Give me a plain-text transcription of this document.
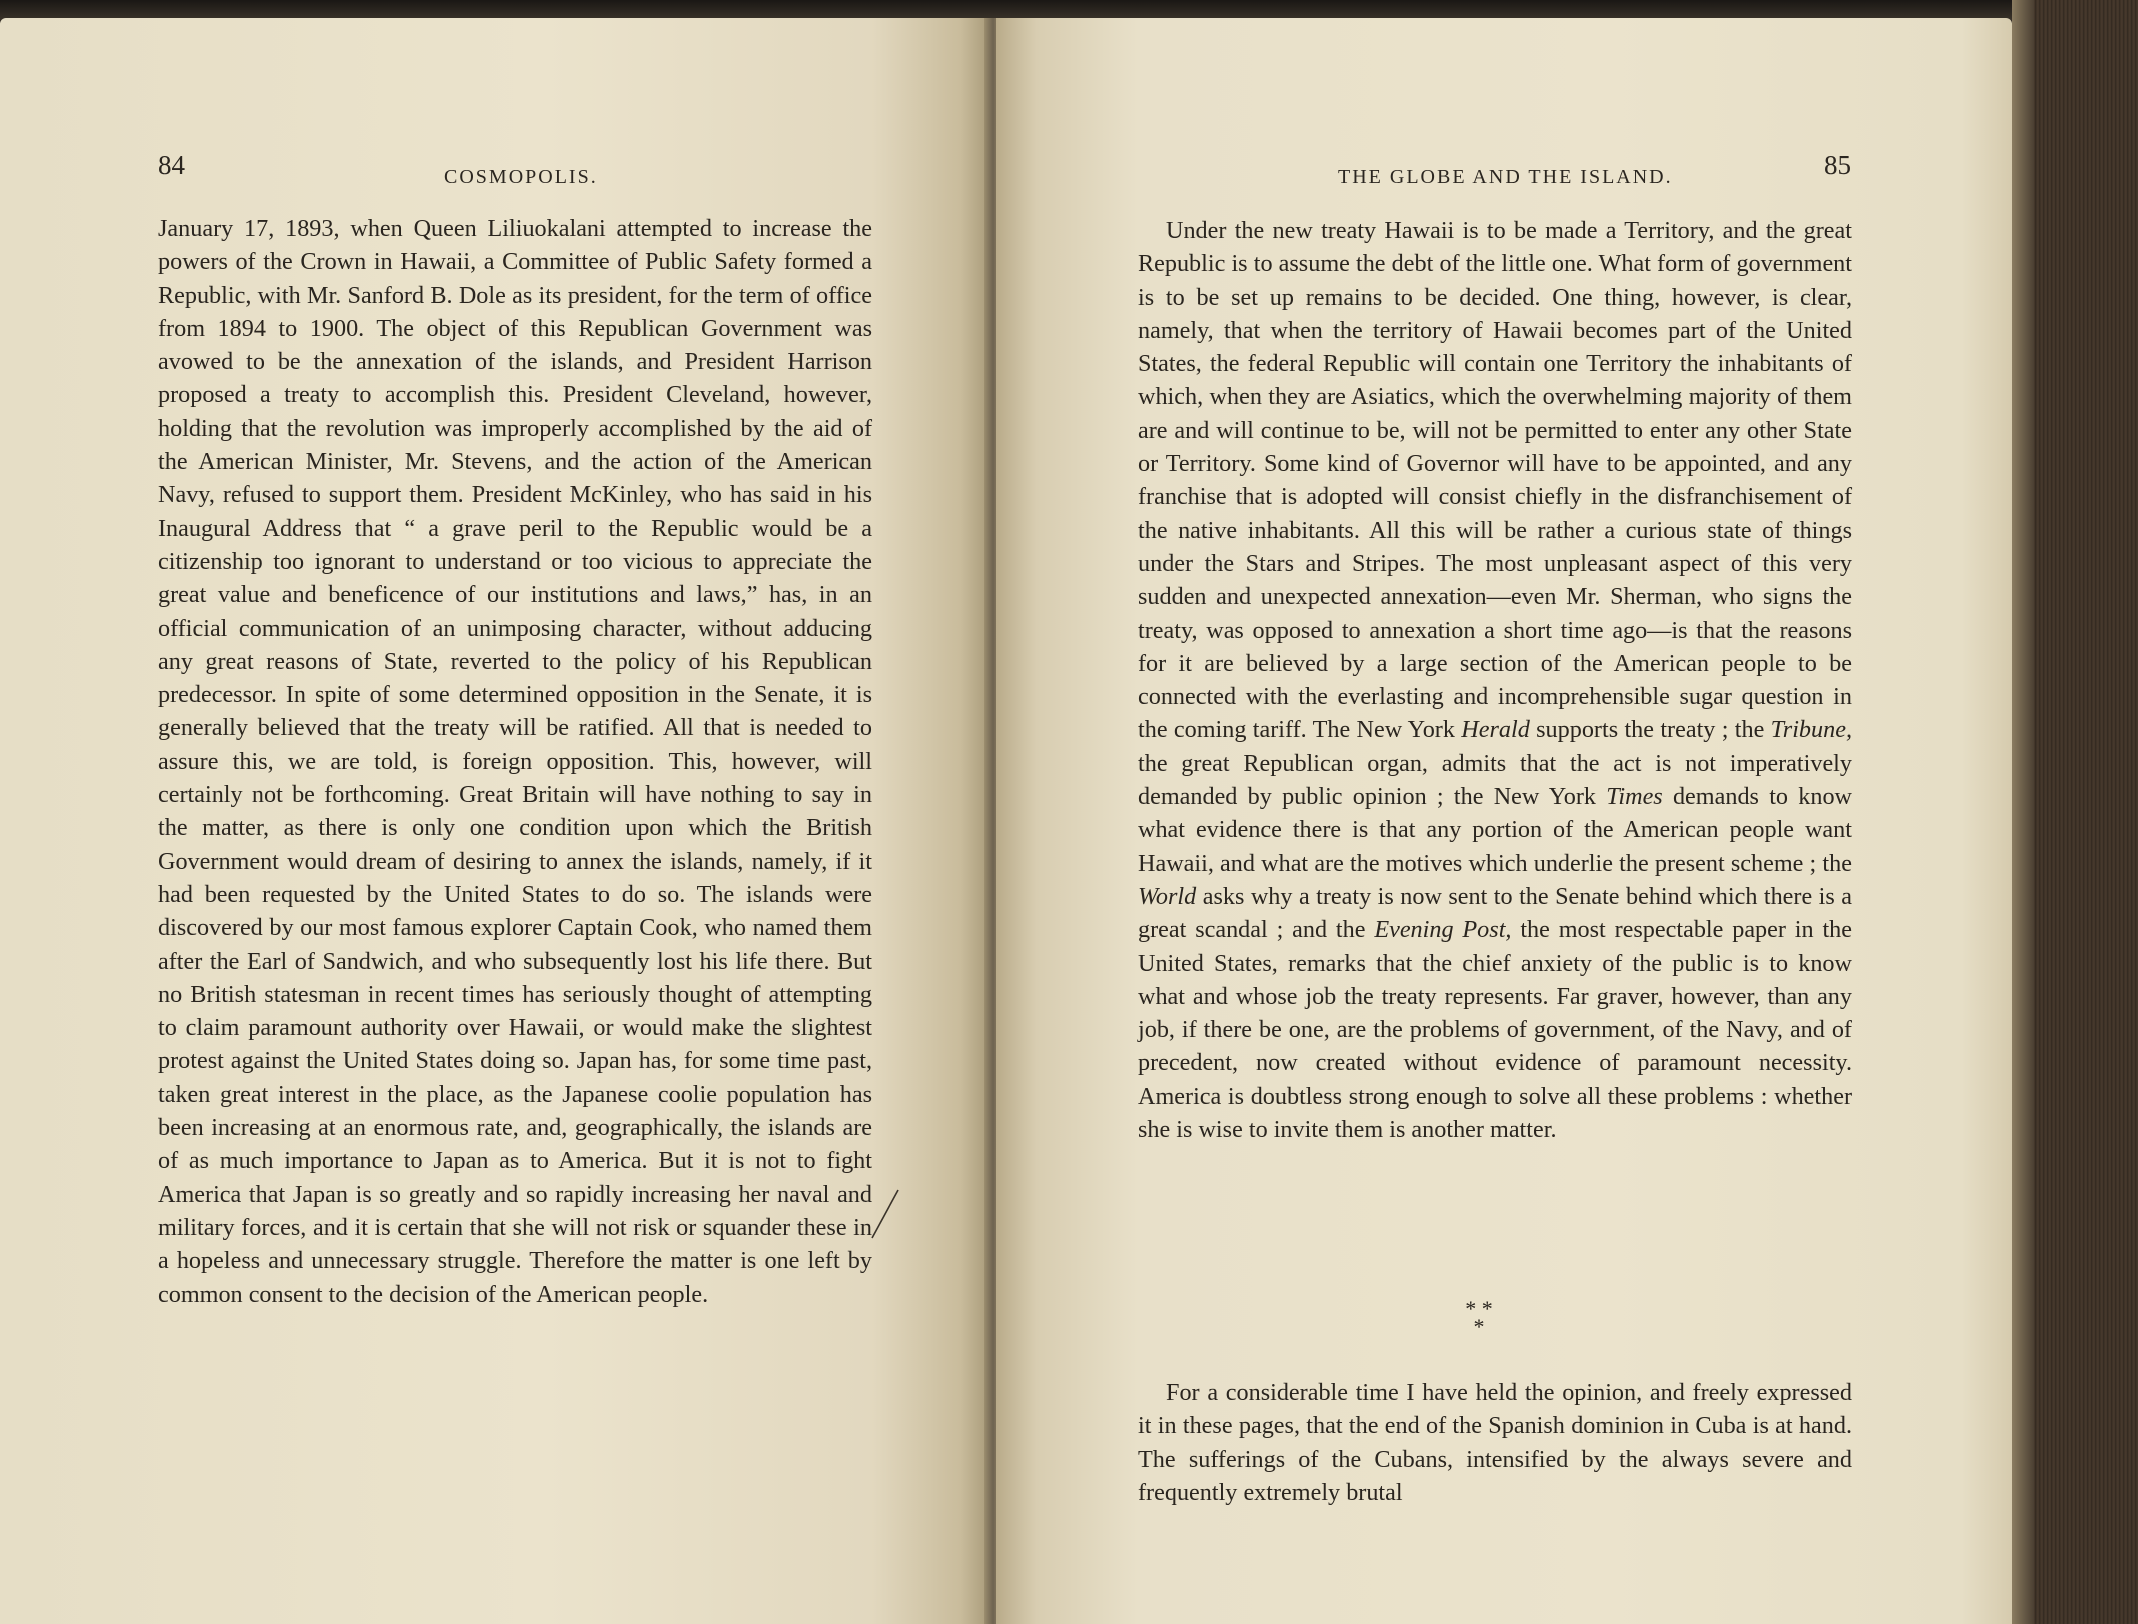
84	COSMOPOLIS.

January 17, 1893, when Queen Liliuokalani attempted to increase the powers of the Crown in Hawaii, a Committee of Public Safety formed a Republic, with Mr. Sanford B. Dole as its president, for the term of office from 1894 to 1900. The object of this Republican Government was avowed to be the annexation of the islands, and President Harrison proposed a treaty to accomplish this. President Cleveland, however, holding that the revolution was improperly accomplished by the aid of the American Minister, Mr. Stevens, and the action of the American Navy, refused to support them. President McKinley, who has said in his Inaugural Address that “ a grave peril to the Republic would be a citizenship too ignorant to understand or too vicious to appreciate the great value and beneficence of our institutions and laws,” has, in an official communication of an unimposing character, without adducing any great reasons of State, reverted to the policy of his Republican predecessor. In spite of some determined opposition in the Senate, it is generally believed that the treaty will be ratified. All that is needed to assure this, we are told, is foreign opposition. This, however, will certainly not be forthcoming. Great Britain will have nothing to say in the matter, as there is only one condition upon which the British Government would dream of desiring to annex the islands, namely, if it had been requested by the United States to do so. The islands were discovered by our most famous explorer Captain Cook, who named them after the Earl of Sandwich, and who subsequently lost his life there. But no British statesman in recent times has seriously thought of attempting to claim paramount authority over Hawaii, or would make the slightest protest against the United States doing so. Japan has, for some time past, taken great interest in the place, as the Japanese coolie population has been increasing at an enormous rate, and, geographically, the islands are of as much importance to Japan as to America. But it is not to fight America that Japan is so greatly and so rapidly increasing her naval and military forces, and it is certain that she will not risk or squander these in a hopeless and unnecessary struggle. Therefore the matter is one left by common consent to the decision of the American people.

THE GLOBE AND THE ISLAND.	85

Under the new treaty Hawaii is to be made a Territory, and the great Republic is to assume the debt of the little one. What form of government is to be set up remains to be decided. One thing, however, is clear, namely, that when the territory of Hawaii becomes part of the United States, the federal Republic will contain one Territory the inhabitants of which, when they are Asiatics, which the overwhelming majority of them are and will continue to be, will not be permitted to enter any other State or Territory. Some kind of Governor will have to be appointed, and any franchise that is adopted will consist chiefly in the disfranchisement of the native inhabitants. All this will be rather a curious state of things under the Stars and Stripes. The most unpleasant aspect of this very sudden and unexpected annexation—even Mr. Sherman, who signs the treaty, was opposed to annexation a short time ago—is that the reasons for it are believed by a large section of the American people to be connected with the everlasting and incomprehensible sugar question in the coming tariff. The New York Herald supports the treaty ; the Tribune, the great Republican organ, admits that the act is not imperatively demanded by public opinion ; the New York Times demands to know what evidence there is that any portion of the American people want Hawaii, and what are the motives which underlie the present scheme ; the World asks why a treaty is now sent to the Senate behind which there is a great scandal ; and the Evening Post, the most respectable paper in the United States, remarks that the chief anxiety of the public is to know what and whose job the treaty represents. Far graver, however, than any job, if there be one, are the problems of government, of the Navy, and of precedent, now created without evidence of paramount necessity. America is doubtless strong enough to solve all these problems : whether she is wise to invite them is another matter.

* *
*

For a considerable time I have held the opinion, and freely expressed it in these pages, that the end of the Spanish dominion in Cuba is at hand. The sufferings of the Cubans, intensified by the always severe and frequently extremely brutal
